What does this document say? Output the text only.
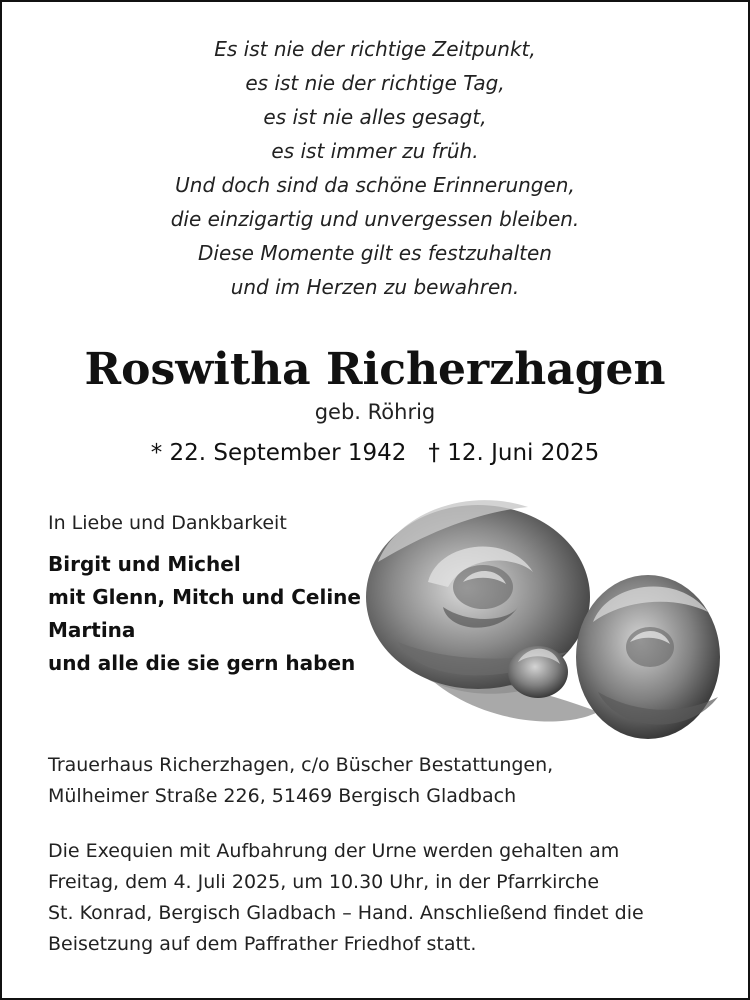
Es ist nie der richtige Zeitpunkt,
es ist nie der richtige Tag,
es ist nie alles gesagt,
es ist immer zu früh.
Und doch sind da schöne Erinnerungen,
die einzigartig und unvergessen bleiben.
Diese Momente gilt es festzuhalten
und im Herzen zu bewahren.
Roswitha Richerzhagen
geb. Röhrig
* 22. September 1942 † 12. Juni 2025
In Liebe und Dankbarkeit
Birgit und Michel
mit Glenn, Mitch und Celine
Martina
und alle die sie gern haben
Trauerhaus Richerzhagen, c/o Büscher Bestattungen,
Mülheimer Straße 226, 51469 Bergisch Gladbach
Die Exequien mit Aufbahrung der Urne werden gehalten am
Freitag, dem 4. Juli 2025, um 10.30 Uhr, in der Pfarrkirche
St. Konrad, Bergisch Gladbach – Hand. Anschließend findet die
Beisetzung auf dem Paffrather Friedhof statt.
